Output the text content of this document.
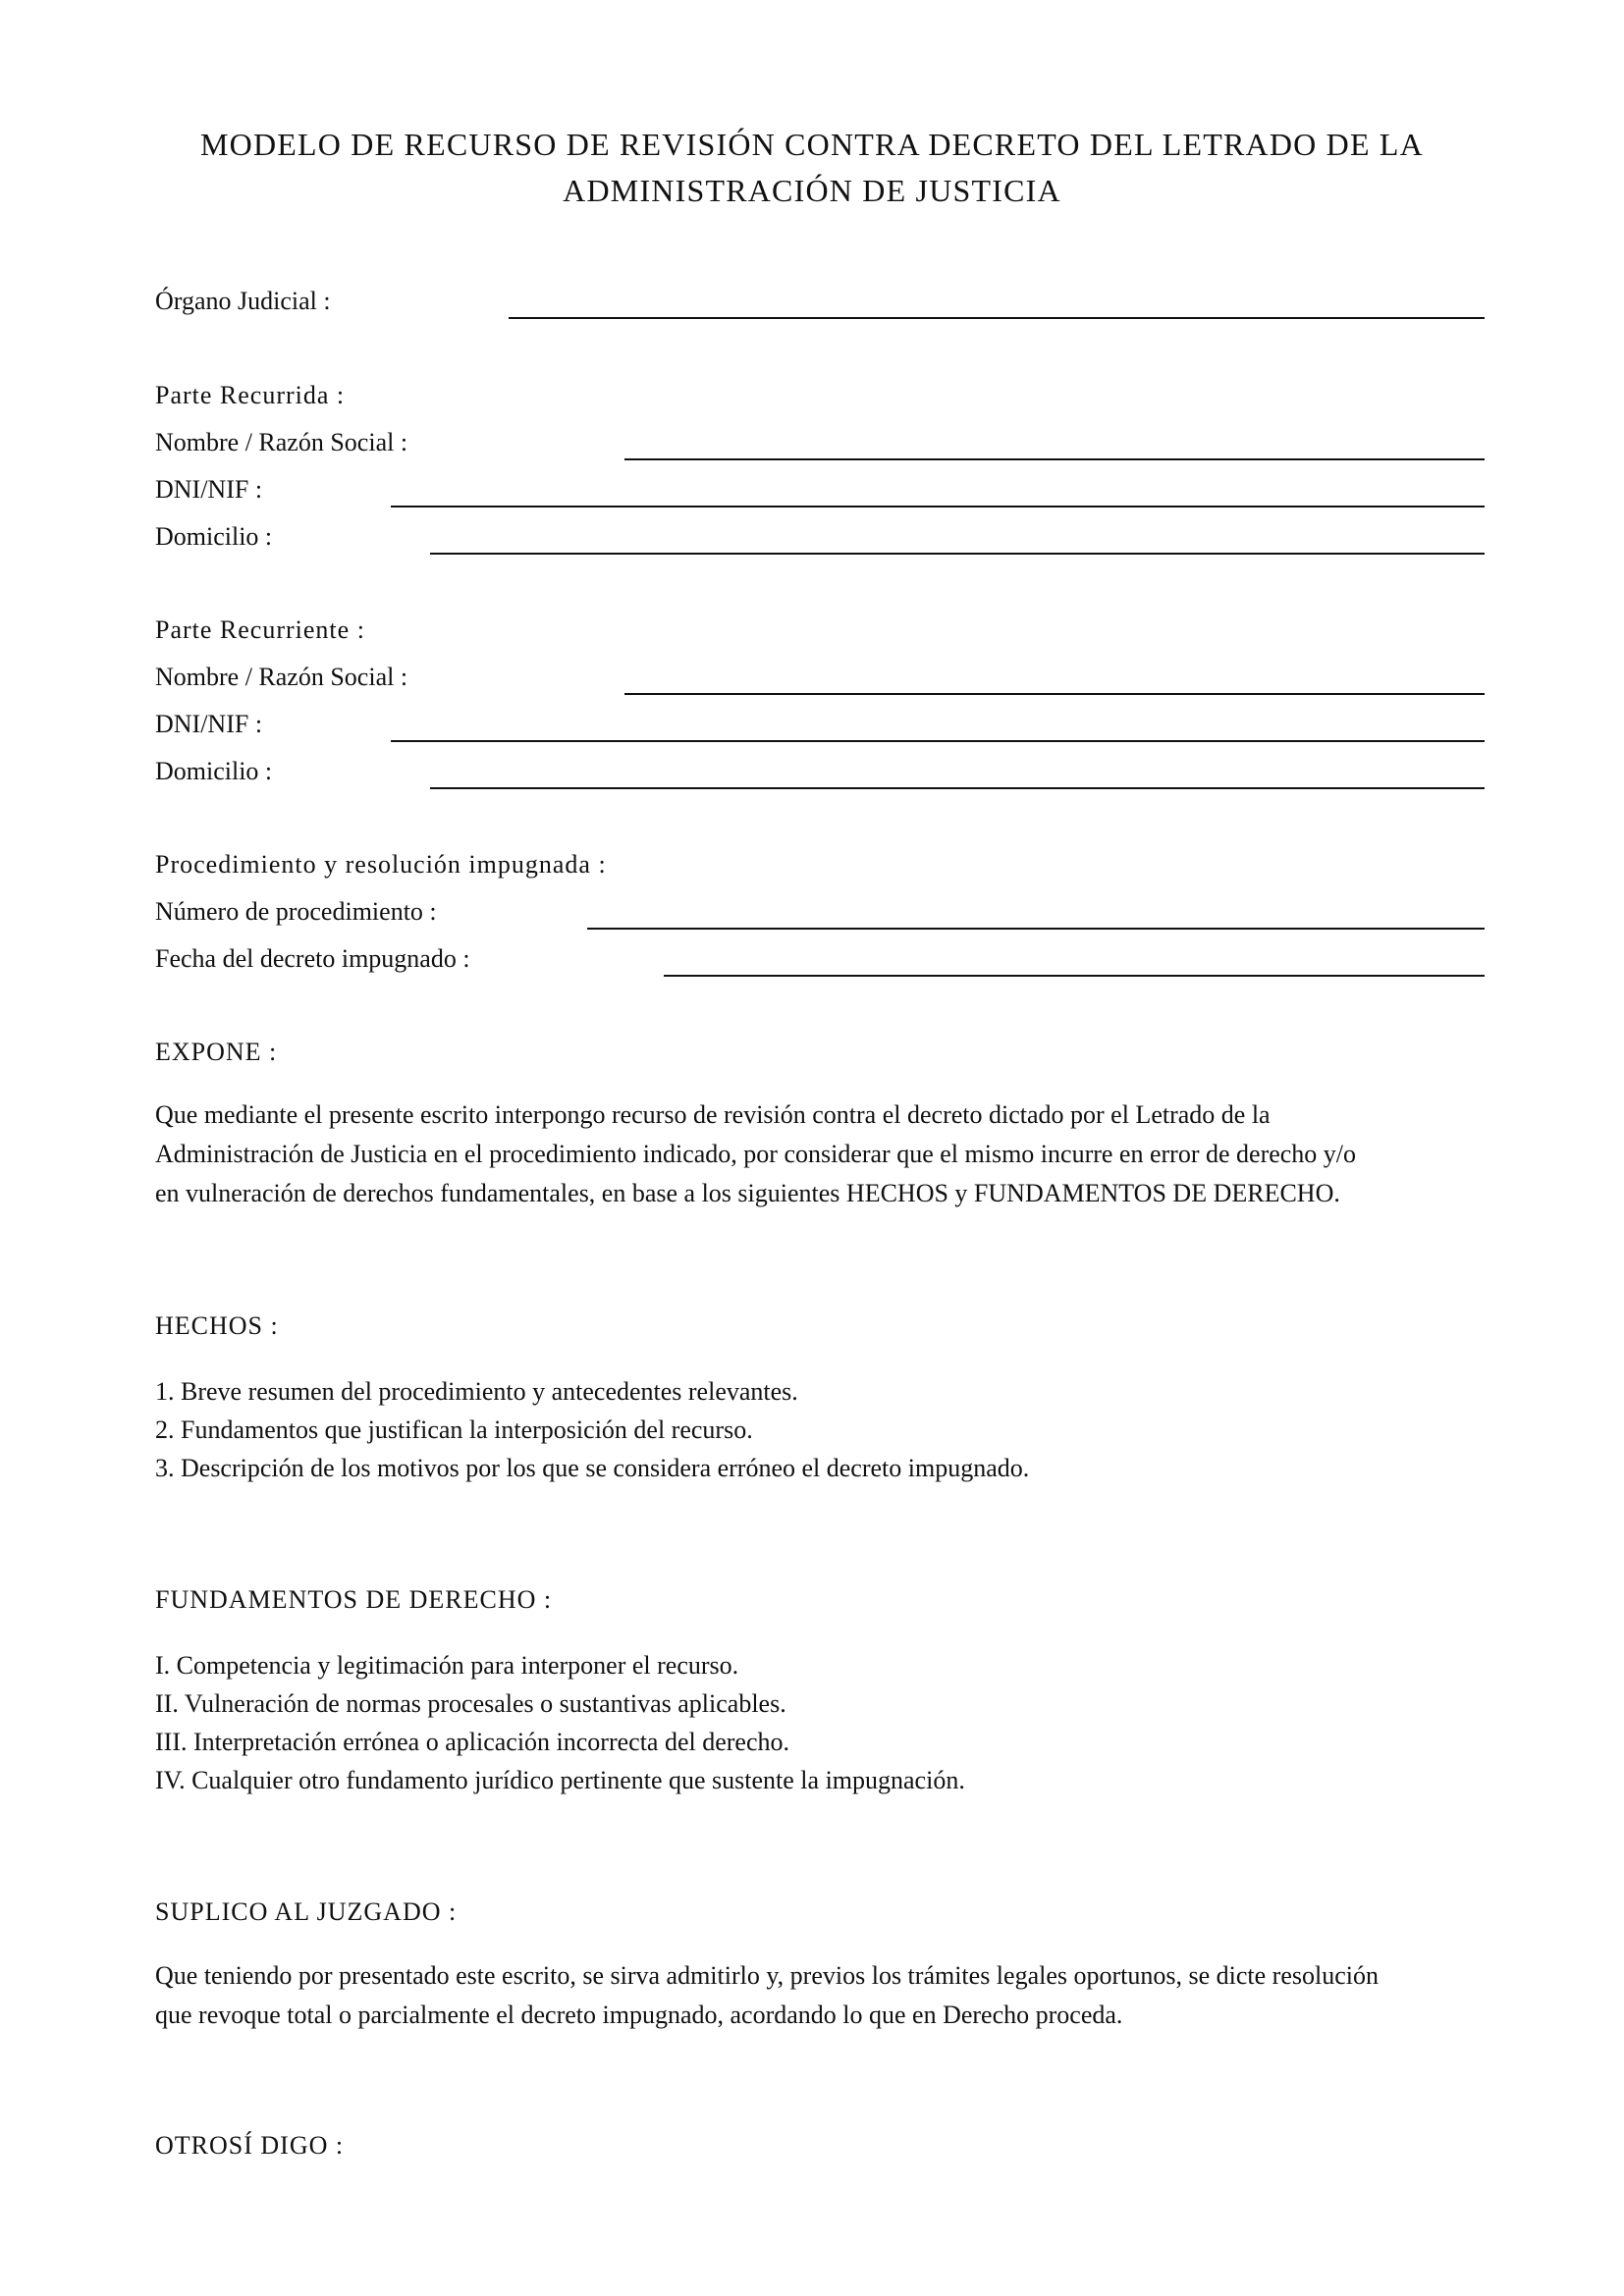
MODELO DE RECURSO DE REVISIÓN CONTRA DECRETO DEL LETRADO DE LA
ADMINISTRACIÓN DE JUSTICIA
Órgano Judicial :
Parte Recurrida :
Nombre / Razón Social :
DNI/NIF :
Domicilio :
Parte Recurriente :
Nombre / Razón Social :
DNI/NIF :
Domicilio :
Procedimiento y resolución impugnada :
Número de procedimiento :
Fecha del decreto impugnado :
EXPONE :
Que mediante el presente escrito interpongo recurso de revisión contra el decreto dictado por el Letrado de la
Administración de Justicia en el procedimiento indicado, por considerar que el mismo incurre en error de derecho y/o
en vulneración de derechos fundamentales, en base a los siguientes HECHOS y FUNDAMENTOS DE DERECHO.
HECHOS :
1. Breve resumen del procedimiento y antecedentes relevantes.
2. Fundamentos que justifican la interposición del recurso.
3. Descripción de los motivos por los que se considera erróneo el decreto impugnado.
FUNDAMENTOS DE DERECHO :
I. Competencia y legitimación para interponer el recurso.
II. Vulneración de normas procesales o sustantivas aplicables.
III. Interpretación errónea o aplicación incorrecta del derecho.
IV. Cualquier otro fundamento jurídico pertinente que sustente la impugnación.
SUPLICO AL JUZGADO :
Que teniendo por presentado este escrito, se sirva admitirlo y, previos los trámites legales oportunos, se dicte resolución
que revoque total o parcialmente el decreto impugnado, acordando lo que en Derecho proceda.
OTROSÍ DIGO :
